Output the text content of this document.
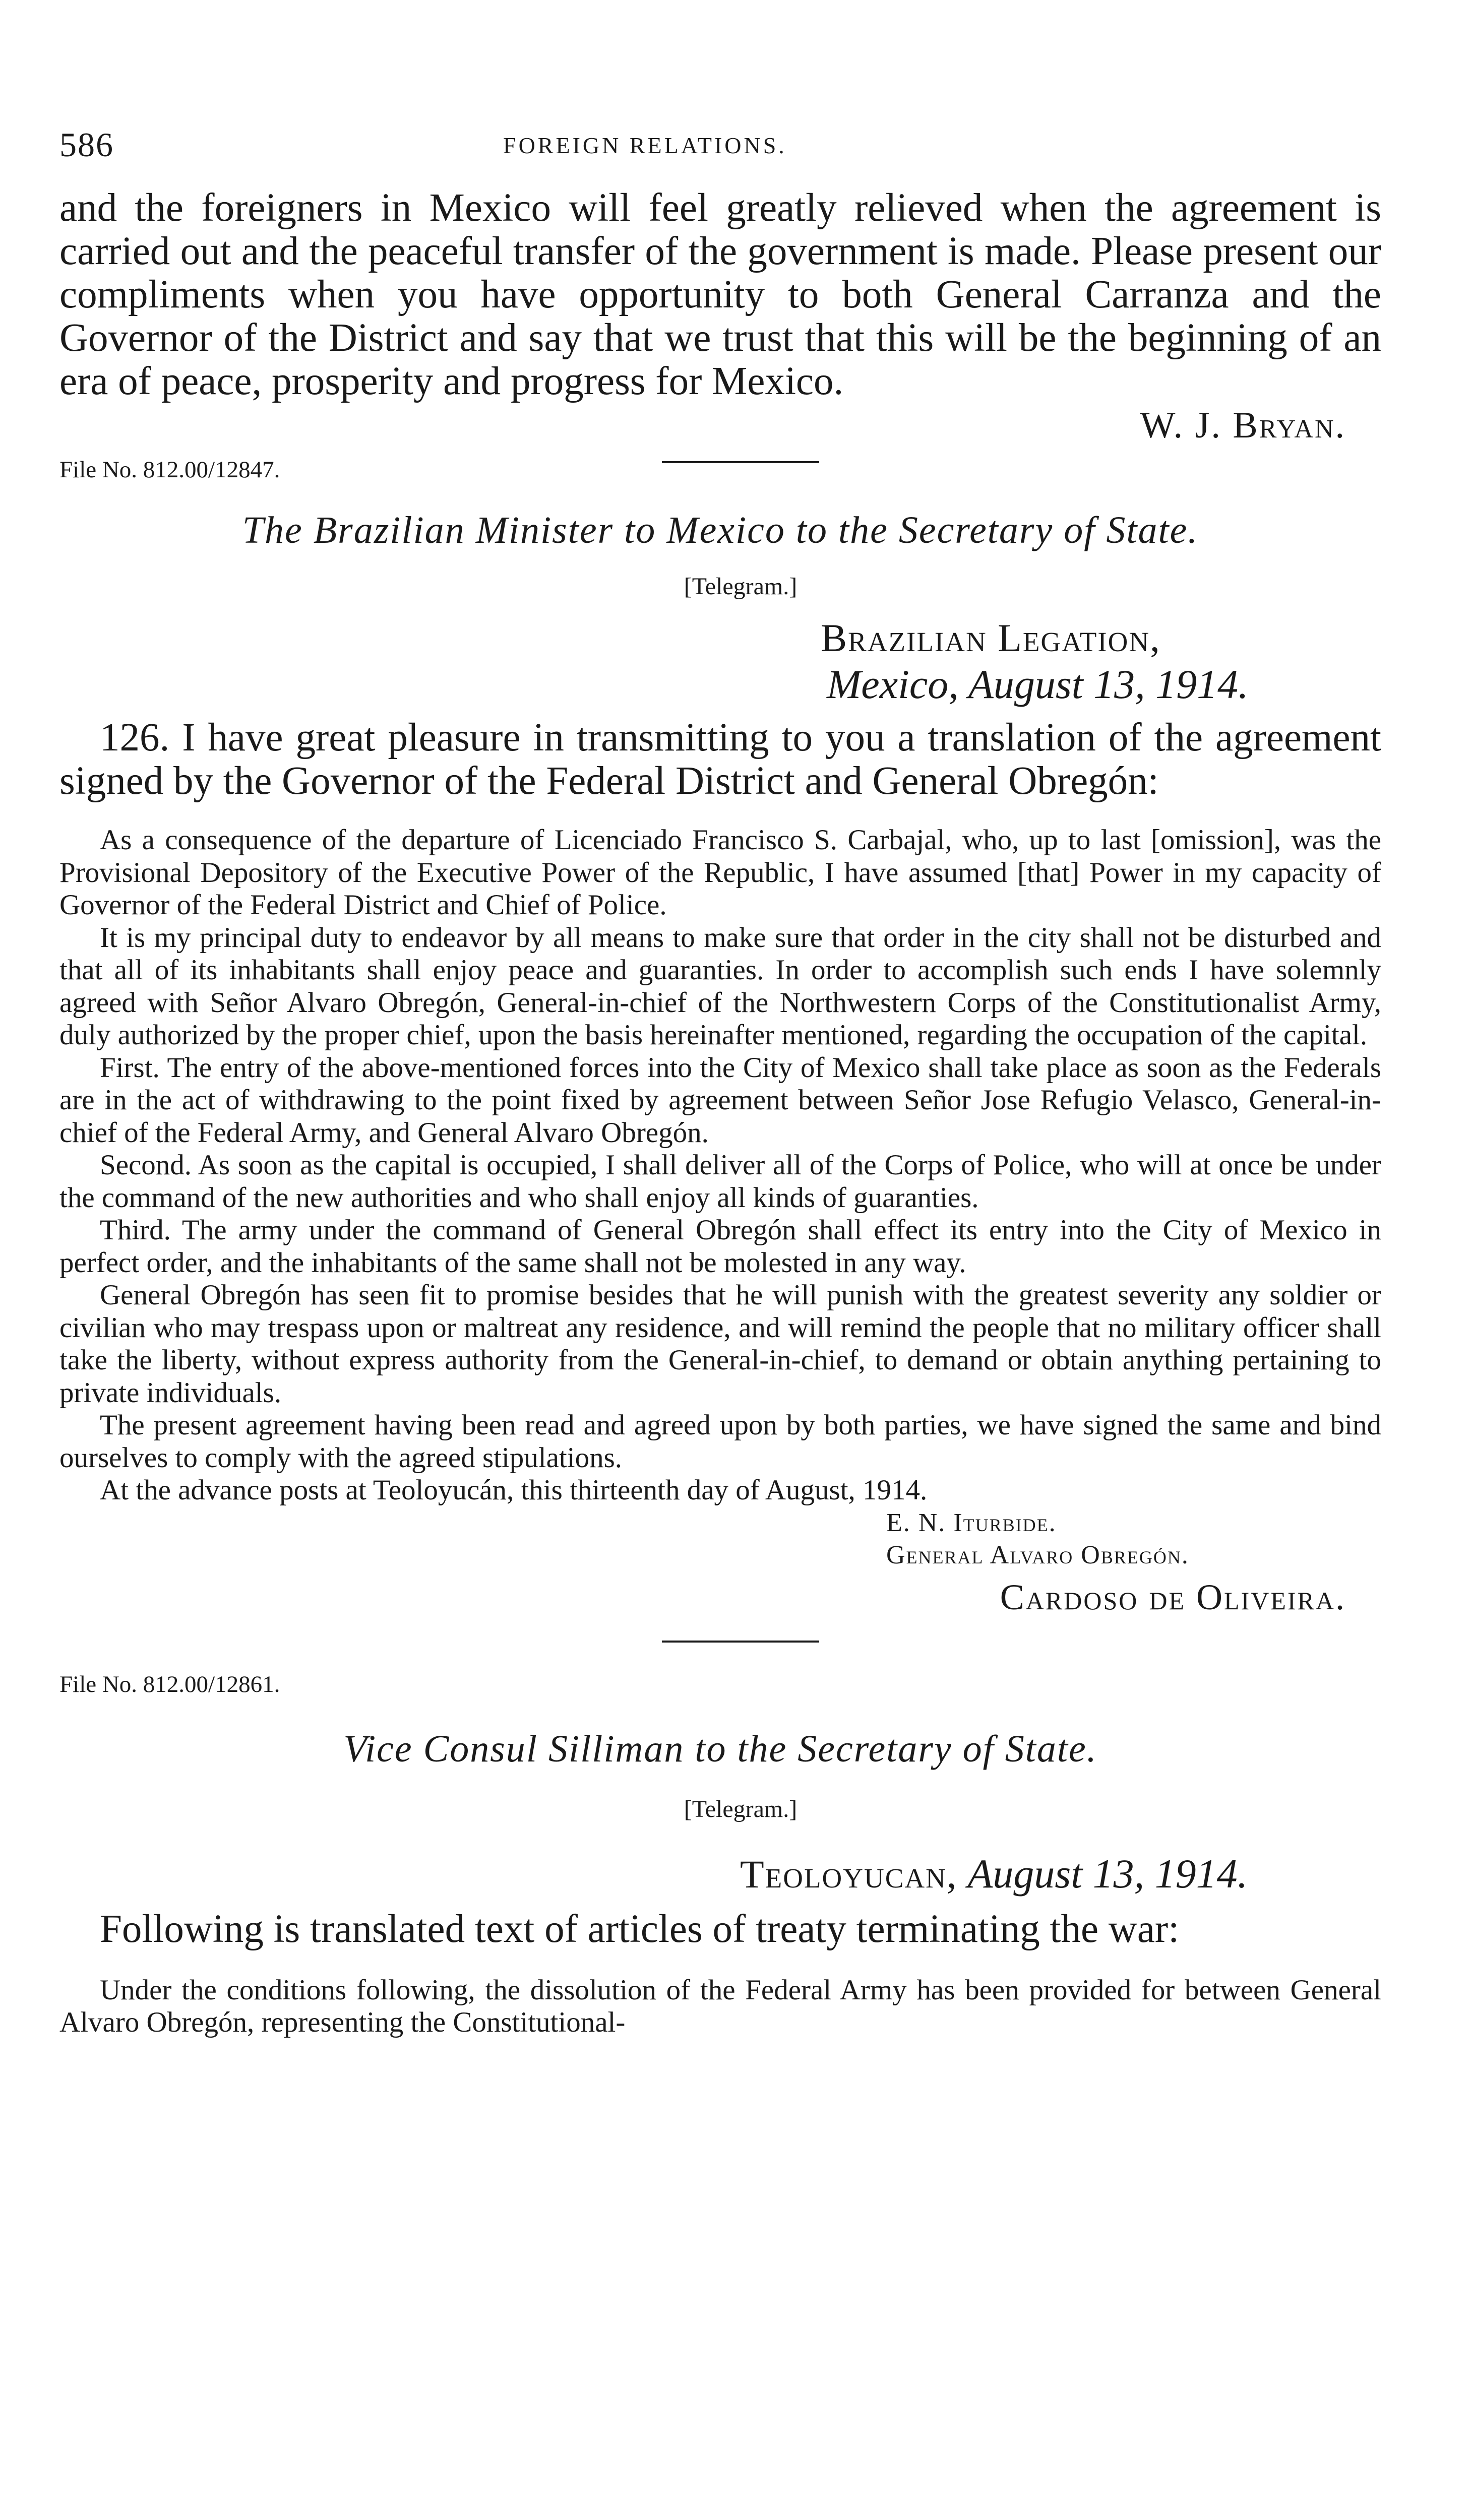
586	FOREIGN RELATIONS.

and the foreigners in Mexico will feel greatly relieved when the agreement is carried out and the peaceful transfer of the government is made. Please present our compliments when you have opportunity to both General Carranza and the Governor of the District and say that we trust that this will be the beginning of an era of peace, prosperity and progress for Mexico.

W. J. Bryan.

File No. 812.00/12847.

The Brazilian Minister to Mexico to the Secretary of State.

[Telegram.]

Brazilian Legation,

Mexico, August 13, 1914.

126. I have great pleasure in transmitting to you a translation of the agreement signed by the Governor of the Federal District and General Obregón:

As a consequence of the departure of Licenciado Francisco S. Carbajal, who, up to last [omission], was the Provisional Depository of the Executive Power of the Republic, I have assumed [that] Power in my capacity of Governor of the Federal District and Chief of Police.

It is my principal duty to endeavor by all means to make sure that order in the city shall not be disturbed and that all of its inhabitants shall enjoy peace and guaranties. In order to accomplish such ends I have solemnly agreed with Señor Alvaro Obregón, General-in-chief of the Northwestern Corps of the Constitutionalist Army, duly authorized by the proper chief, upon the basis hereinafter mentioned, regarding the occupation of the capital.

First. The entry of the above-mentioned forces into the City of Mexico shall take place as soon as the Federals are in the act of withdrawing to the point fixed by agreement between Señor Jose Refugio Velasco, General-in-chief of the Federal Army, and General Alvaro Obregón.

Second. As soon as the capital is occupied, I shall deliver all of the Corps of Police, who will at once be under the command of the new authorities and who shall enjoy all kinds of guaranties.

Third. The army under the command of General Obregón shall effect its entry into the City of Mexico in perfect order, and the inhabitants of the same shall not be molested in any way.

General Obregón has seen fit to promise besides that he will punish with the greatest severity any soldier or civilian who may trespass upon or maltreat any residence, and will remind the people that no military officer shall take the liberty, without express authority from the General-in-chief, to demand or obtain anything pertaining to private individuals.

The present agreement having been read and agreed upon by both parties, we have signed the same and bind ourselves to comply with the agreed stipulations.

At the advance posts at Teoloyucán, this thirteenth day of August, 1914.

E. N. Iturbide.

General Alvaro Obregón.

Cardoso de Oliveira.

File No. 812.00/12861.

Vice Consul Silliman to the Secretary of State.

[Telegram.]

Teoloyucan, August 13, 1914.

Following is translated text of articles of treaty terminating the war:

Under the conditions following, the dissolution of the Federal Army has been provided for between General Alvaro Obregón, representing the Constitutional-
